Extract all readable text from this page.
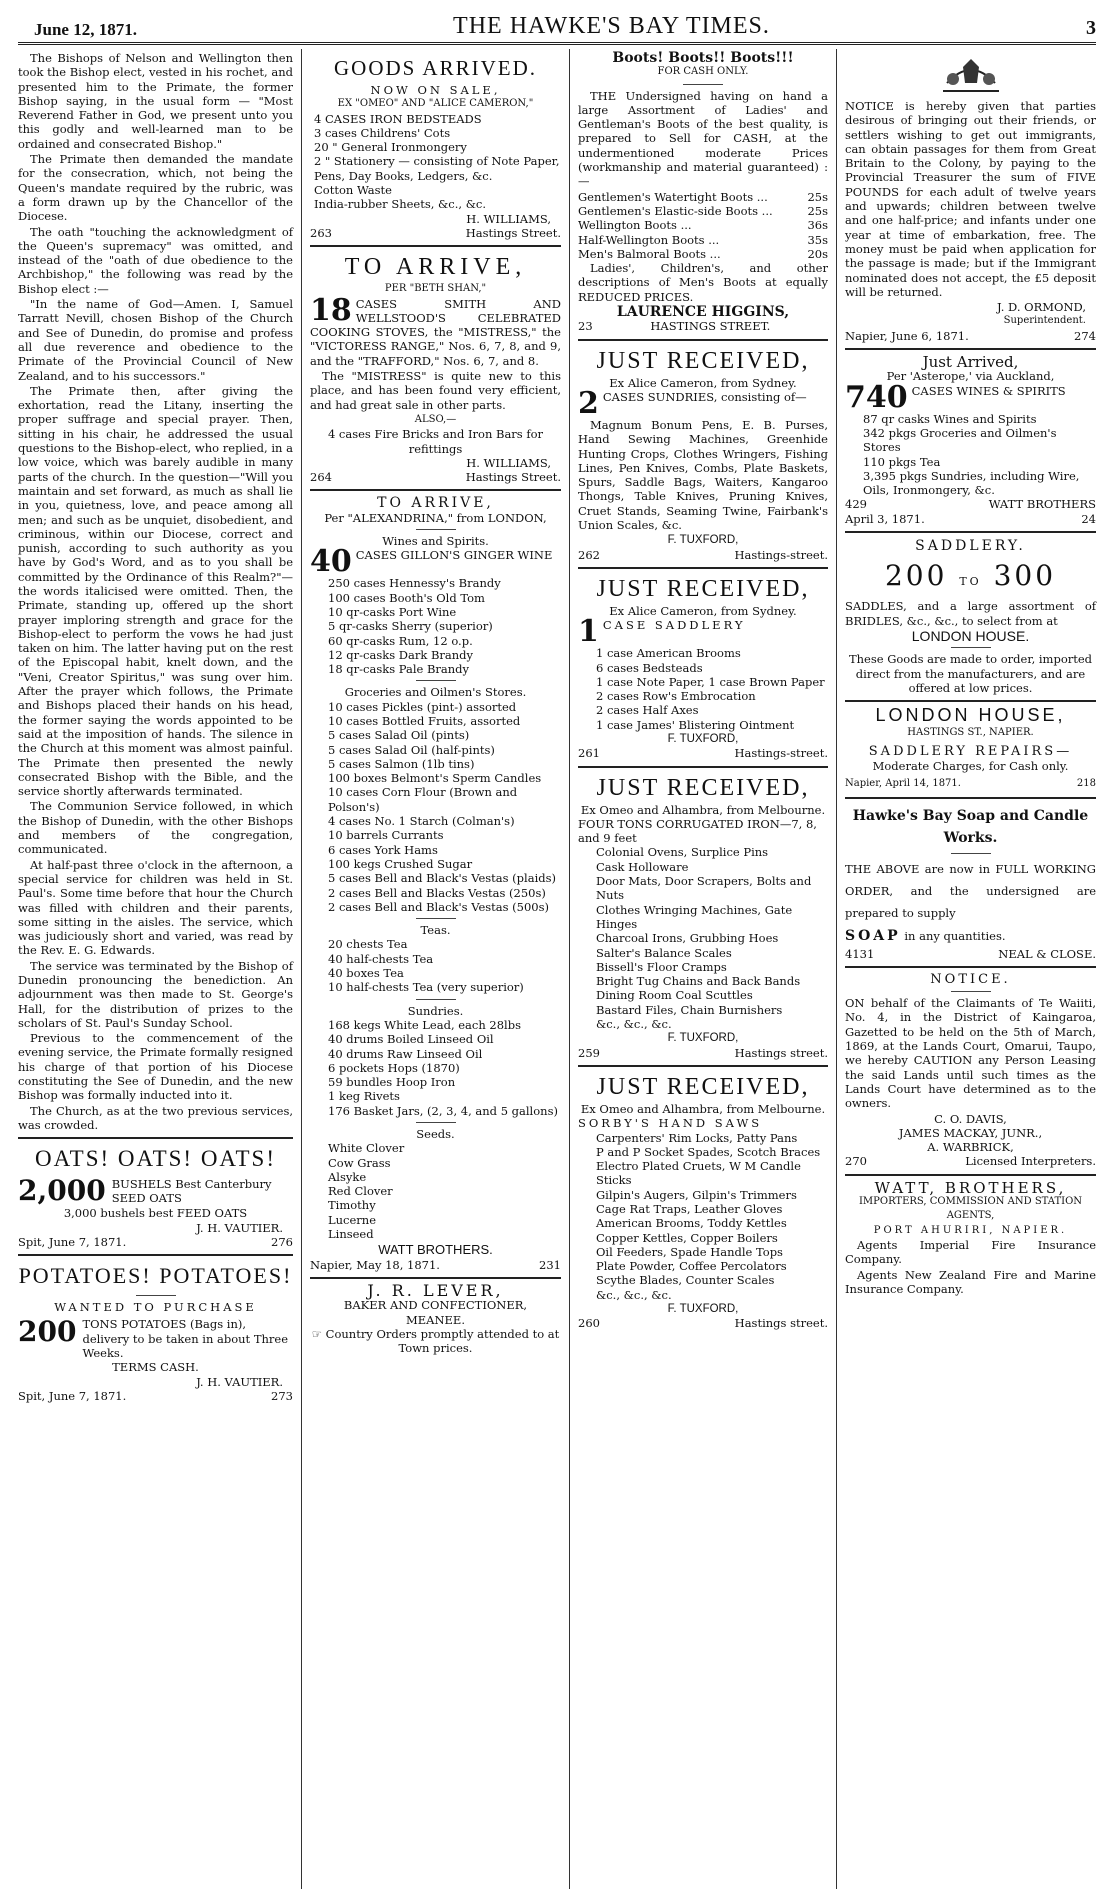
June 12, 1871.	THE HAWKE'S BAY TIMES.	3
The Bishops of Nelson and Wellington then took the Bishop elect, vested in his rochet, and presented him to the Primate, the former Bishop saying, in the usual form — "Most Reverend Father in God, we present unto you this godly and well-learned man to be ordained and consecrated Bishop."
The Primate then demanded the mandate for the consecration, which, not being the Queen's mandate required by the rubric, was a form drawn up by the Chancellor of the Diocese.
The oath "touching the acknowledgment of the Queen's supremacy" was omitted, and instead of the "oath of due obedience to the Archbishop," the following was read by the Bishop elect :—
"In the name of God—Amen. I, Samuel Tarratt Nevill, chosen Bishop of the Church and See of Dunedin, do promise and profess all due reverence and obedience to the Primate of the Provincial Council of New Zealand, and to his successors."
The Primate then, after giving the exhortation, read the Litany, inserting the proper suffrage and special prayer. Then, sitting in his chair, he addressed the usual questions to the Bishop-elect, who replied, in a low voice, which was barely audible in many parts of the church. In the question—"Will you maintain and set forward, as much as shall lie in you, quietness, love, and peace among all men; and such as be unquiet, disobedient, and criminous, within our Diocese, correct and punish, according to such authority as you have by God's Word, and as to you shall be committed by the Ordinance of this Realm?"—the words italicised were omitted. Then, the Primate, standing up, offered up the short prayer imploring strength and grace for the Bishop-elect to perform the vows he had just taken on him. The latter having put on the rest of the Episcopal habit, knelt down, and the "Veni, Creator Spiritus," was sung over him. After the prayer which follows, the Primate and Bishops placed their hands on his head, the former saying the words appointed to be said at the imposition of hands. The silence in the Church at this moment was almost painful. The Primate then presented the newly consecrated Bishop with the Bible, and the service shortly afterwards terminated.
The Communion Service followed, in which the Bishop of Dunedin, with the other Bishops and members of the congregation, communicated.
At half-past three o'clock in the afternoon, a special service for children was held in St. Paul's. Some time before that hour the Church was filled with children and their parents, some sitting in the aisles. The service, which was judiciously short and varied, was read by the Rev. E. G. Edwards.
The service was terminated by the Bishop of Dunedin pronouncing the benediction. An adjournment was then made to St. George's Hall, for the distribution of prizes to the scholars of St. Paul's Sunday School.
Previous to the commencement of the evening service, the Primate formally resigned his charge of that portion of his Diocese constituting the See of Dunedin, and the new Bishop was formally inducted into it.
The Church, as at the two previous services, was crowded.
OATS! OATS! OATS!
2,000 BUSHELS Best Canterbury SEED OATS
3,000 bushels best FEED OATS
J. H. VAUTIER.
Spit, June 7, 1871.	276
POTATOES! POTATOES!
WANTED TO PURCHASE
200 TONS POTATOES (Bags in), delivery to be taken in about Three Weeks.
TERMS CASH.
J. H. VAUTIER.
Spit, June 7, 1871.	273
GOODS ARRIVED.
NOW ON SALE,
EX "OMEO" AND "ALICE CAMERON,"
4 CASES IRON BEDSTEADS
3 cases Childrens' Cots
20 " General Ironmongery
2 " Stationery — consisting of Note Paper, Pens, Day Books, Ledgers, &c.
Cotton Waste
India-rubber Sheets, &c., &c.
H. WILLIAMS,
263	Hastings Street.
TO ARRIVE,
PER "BETH SHAN,"
18 CASES SMITH AND WELLSTOOD'S CELEBRATED COOKING STOVES, the "MISTRESS," the "VICTORESS RANGE," Nos. 6, 7, 8, and 9, and the "TRAFFORD," Nos. 6, 7, and 8.
The "MISTRESS" is quite new to this place, and has been found very efficient, and had great sale in other parts.
ALSO,—
4 cases Fire Bricks and Iron Bars for refittings
H. WILLIAMS,
264	Hastings Street.
TO ARRIVE,
Per "ALEXANDRINA," from LONDON,
Wines and Spirits.
40 CASES GILLON'S GINGER WINE
250 cases Hennessy's Brandy
100 cases Booth's Old Tom
10 qr-casks Port Wine
5 qr-casks Sherry (superior)
60 qr-casks Rum, 12 o.p.
12 qr-casks Dark Brandy
18 qr-casks Pale Brandy
Groceries and Oilmen's Stores.
10 cases Pickles (pint-) assorted
10 cases Bottled Fruits, assorted
5 cases Salad Oil (pints)
5 cases Salad Oil (half-pints)
5 cases Salmon (1lb tins)
100 boxes Belmont's Sperm Candles
10 cases Corn Flour (Brown and Polson's)
4 cases No. 1 Starch (Colman's)
10 barrels Currants
6 cases York Hams
100 kegs Crushed Sugar
5 cases Bell and Black's Vestas (plaids)
2 cases Bell and Blacks Vestas (250s)
2 cases Bell and Black's Vestas (500s)
Teas.
20 chests Tea
40 half-chests Tea
40 boxes Tea
10 half-chests Tea (very superior)
Sundries.
168 kegs White Lead, each 28lbs
40 drums Boiled Linseed Oil
40 drums Raw Linseed Oil
6 pockets Hops (1870)
59 bundles Hoop Iron
1 keg Rivets
176 Basket Jars, (2, 3, 4, and 5 gallons)
Seeds.
White Clover
Cow Grass
Alsyke
Red Clover
Timothy
Lucerne
Linseed
WATT BROTHERS.
Napier, May 18, 1871.	231
J. R. LEVER,
BAKER AND CONFECTIONER,
MEANEE.
☞ Country Orders promptly attended to at Town prices.
Boots! Boots!! Boots!!!
FOR CASH ONLY.
THE Undersigned having on hand a large Assortment of Ladies' and Gentleman's Boots of the best quality, is prepared to Sell for CASH, at the undermentioned moderate Prices (workmanship and material guaranteed) :—
Gentlemen's Watertight Boots ...	25s
Gentlemen's Elastic-side Boots ...	25s
Wellington Boots ...	36s
Half-Wellington Boots ...	35s
Men's Balmoral Boots ...	20s
Ladies', Children's, and other descriptions of Men's Boots at equally REDUCED PRICES.
LAURENCE HIGGINS,
23	HASTINGS STREET.
JUST RECEIVED,
Ex Alice Cameron, from Sydney.
2 CASES SUNDRIES, consisting of—
Magnum Bonum Pens, E. B. Purses, Hand Sewing Machines, Greenhide Hunting Crops, Clothes Wringers, Fishing Lines, Pen Knives, Combs, Plate Baskets, Spurs, Saddle Bags, Waiters, Kangaroo Thongs, Table Knives, Pruning Knives, Cruet Stands, Seaming Twine, Fairbank's Union Scales, &c.
F. TUXFORD,
262	Hastings-street.
JUST RECEIVED,
Ex Alice Cameron, from Sydney.
1 CASE SADDLERY
1 case American Brooms
6 cases Bedsteads
1 case Note Paper, 1 case Brown Paper
2 cases Row's Embrocation
2 cases Half Axes
1 case James' Blistering Ointment
F. TUXFORD,
261	Hastings-street.
JUST RECEIVED,
Ex Omeo and Alhambra, from Melbourne.
FOUR TONS CORRUGATED IRON—7, 8, and 9 feet
Colonial Ovens, Surplice Pins
Cask Holloware
Door Mats, Door Scrapers, Bolts and Nuts
Clothes Wringing Machines, Gate Hinges
Charcoal Irons, Grubbing Hoes
Salter's Balance Scales
Bissell's Floor Cramps
Bright Tug Chains and Back Bands
Dining Room Coal Scuttles
Bastard Files, Chain Burnishers
&c., &c., &c.
F. TUXFORD,
259	Hastings street.
JUST RECEIVED,
Ex Omeo and Alhambra, from Melbourne.
SORBY'S HAND SAWS
Carpenters' Rim Locks, Patty Pans
P and P Socket Spades, Scotch Braces
Electro Plated Cruets, W M Candle Sticks
Gilpin's Augers, Gilpin's Trimmers
Cage Rat Traps, Leather Gloves
American Brooms, Toddy Kettles
Copper Kettles, Copper Boilers
Oil Feeders, Spade Handle Tops
Plate Powder, Coffee Percolators
Scythe Blades, Counter Scales
&c., &c., &c.
F. TUXFORD,
260	Hastings street.
NOTICE is hereby given that parties desirous of bringing out their friends, or settlers wishing to get out immigrants, can obtain passages for them from Great Britain to the Colony, by paying to the Provincial Treasurer the sum of FIVE POUNDS for each adult of twelve years and upwards; children between twelve and one half-price; and infants under one year at time of embarkation, free. The money must be paid when application for the passage is made; but if the Immigrant nominated does not accept, the £5 deposit will be returned.
J. D. ORMOND,
Superintendent.
Napier, June 6, 1871.	274
Just Arrived,
Per 'Asterope,' via Auckland,
740 CASES WINES & SPIRITS
87 qr casks Wines and Spirits
342 pkgs Groceries and Oilmen's Stores
110 pkgs Tea
3,395 pkgs Sundries, including Wire, Oils, Ironmongery, &c.
429	WATT BROTHERS
April 3, 1871.	24
SADDLERY.
200 TO 300
SADDLES, and a large assortment of BRIDLES, &c., &c., to select from at
LONDON HOUSE.
These Goods are made to order, imported direct from the manufacturers, and are offered at low prices.
LONDON HOUSE,
HASTINGS ST., NAPIER.
SADDLERY REPAIRS—
Moderate Charges, for Cash only.
Napier, April 14, 1871.	218
Hawke's Bay Soap and Candle Works.
THE ABOVE are now in FULL WORKING ORDER, and the undersigned are prepared to supply
SOAP in any quantities.
4131	NEAL & CLOSE.
NOTICE.
ON behalf of the Claimants of Te Waiiti, No. 4, in the District of Kaingaroa, Gazetted to be held on the 5th of March, 1869, at the Lands Court, Omarui, Taupo, we hereby CAUTION any Person Leasing the said Lands until such times as the Lands Court have determined as to the owners.
C. O. DAVIS,
JAMES MACKAY, JUNR.,
A. WARBRICK,
270	Licensed Interpreters.
WATT, BROTHERS,
IMPORTERS, COMMISSION AND STATION AGENTS,
PORT AHURIRI, NAPIER.
Agents Imperial Fire Insurance Company.
Agents New Zealand Fire and Marine Insurance Company.
